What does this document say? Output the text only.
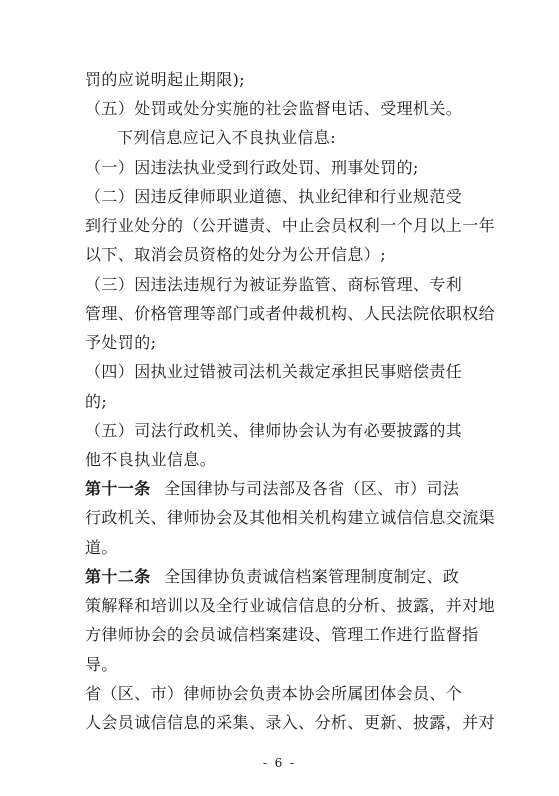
罚的应说明起止期限);
（五）处罚或处分实施的社会监督电话、受理机关。
下列信息应记入不良执业信息:
（一）因违法执业受到行政处罚、刑事处罚的;
（二）因违反律师职业道德、执业纪律和行业规范受
到行业处分的（公开谴责、中止会员权利一个月以上一年
以下、取消会员资格的处分为公开信息）;
（三）因违法违规行为被证券监管、商标管理、专利
管理、价格管理等部门或者仲裁机构、人民法院依职权给
予处罚的;
（四）因执业过错被司法机关裁定承担民事赔偿责任
的;
（五）司法行政机关、律师协会认为有必要披露的其
他不良执业信息。
第十一条 全国律协与司法部及各省（区、市）司法
行政机关、律师协会及其他相关机构建立诚信信息交流渠
道。
第十二条 全国律协负责诚信档案管理制度制定、政
策解释和培训以及全行业诚信信息的分析、披露，并对地
方律师协会的会员诚信档案建设、管理工作进行监督指
导。
省（区、市）律师协会负责本协会所属团体会员、个
人会员诚信信息的采集、录入、分析、更新、披露，并对
- 6 -
